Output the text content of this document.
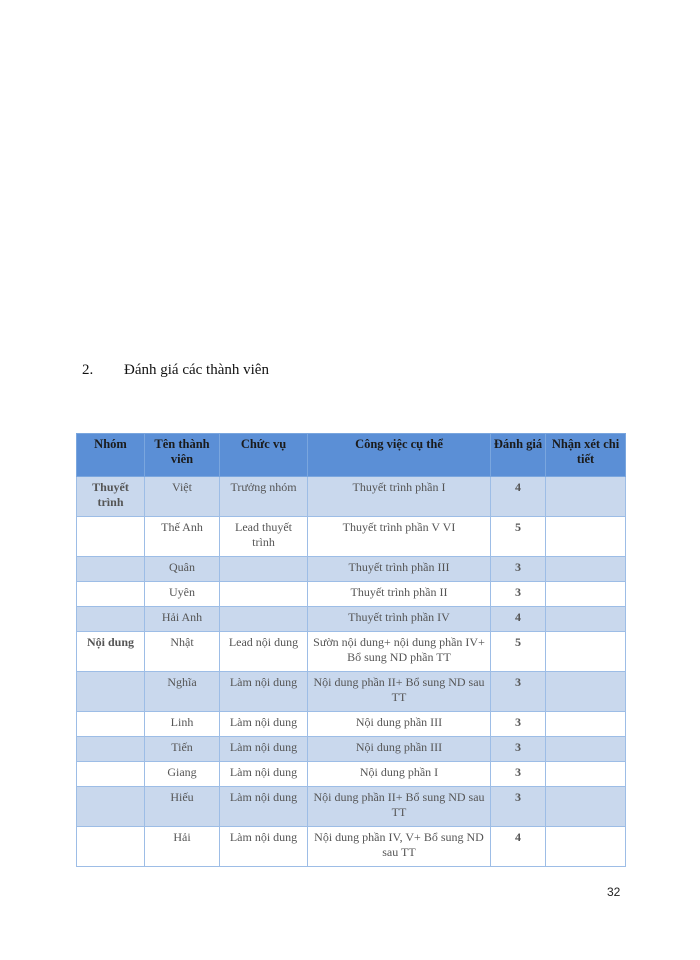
2. Đánh giá các thành viên
Nhóm	Tên thành viên	Chức vụ	Công việc cụ thể	Đánh giá	Nhận xét chi tiết
Thuyết trình	Việt	Trưởng nhóm	Thuyết trình phần I	4	
	Thế Anh	Lead thuyết trình	Thuyết trình phần V VI	5	
	Quân		Thuyết trình phần III	3	
	Uyên		Thuyết trình phần II	3	
	Hải Anh		Thuyết trình phần IV	4	
Nội dung	Nhật	Lead nội dung	Sườn nội dung+ nội dung phần IV+ Bổ sung ND phần TT	5	
	Nghĩa	Làm nội dung	Nội dung phần II+ Bổ sung ND sau TT	3	
	Linh	Làm nội dung	Nội dung phần III	3	
	Tiến	Làm nội dung	Nội dung phần III	3	
	Giang	Làm nội dung	Nội dung phần I	3	
	Hiếu	Làm nội dung	Nội dung phần II+ Bổ sung ND sau TT	3	
	Hải	Làm nội dung	Nội dung phần IV, V+ Bổ sung ND sau TT	4	
32
